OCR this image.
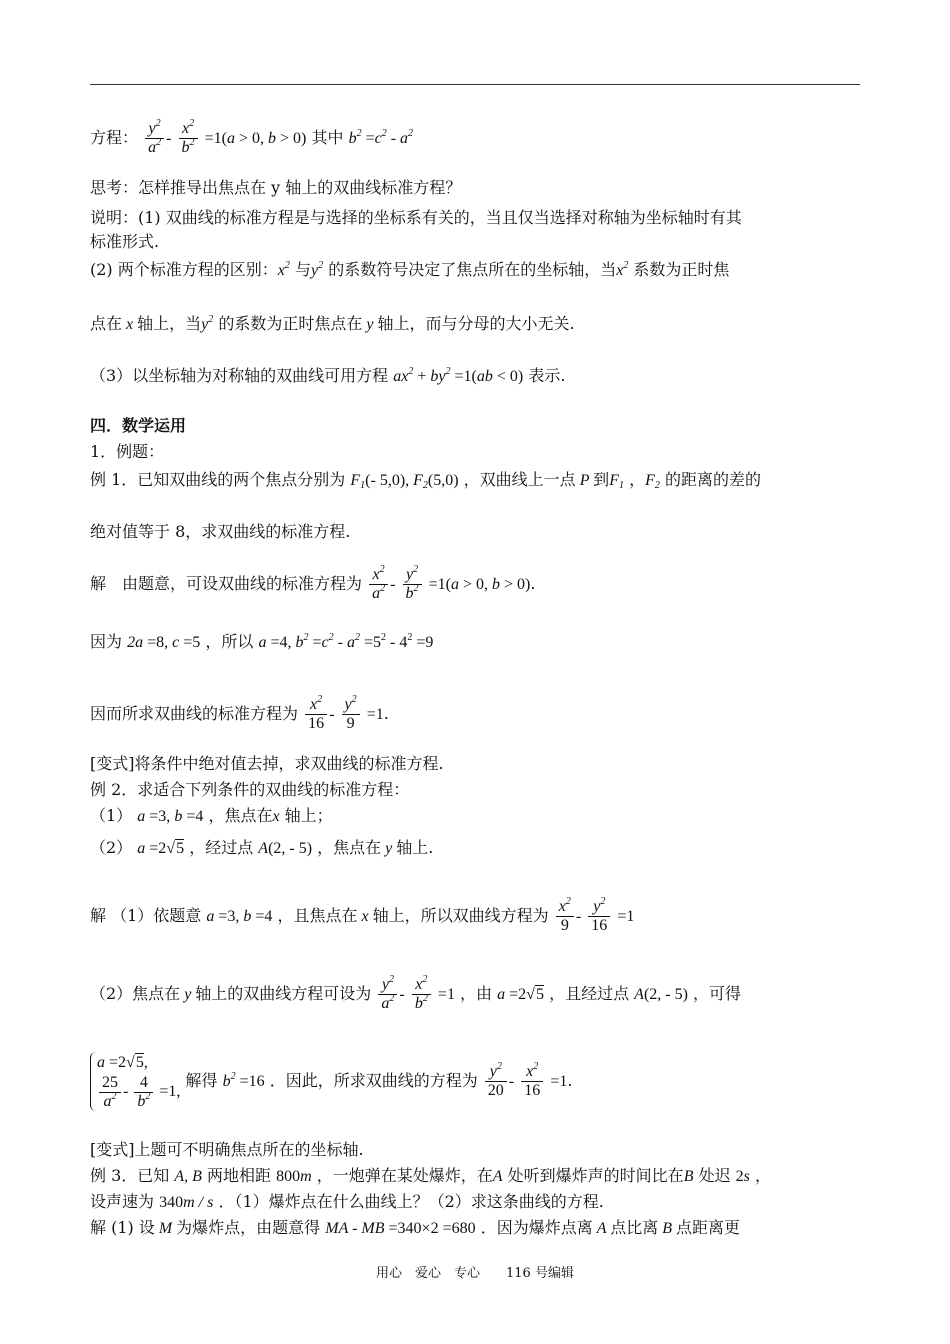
方程： $\frac{y^2}{a^2} - \frac{x^2}{b^2} =1(a > 0$, b > 0) 其中 $b^2 =c^2 - a^2$
思考：怎样推导出焦点在 y 轴上的双曲线标准方程？
说明：(1) 双曲线的标准方程是与选择的坐标系有关的，当且仅当选择对称轴为坐标轴时有其
标准形式.
(2) 两个标准方程的区别：$x^2$ 与$y^2$ 的系数符号决定了焦点所在的坐标轴，当$x^2$ 系数为正时焦
点在 x 轴上，当$y^2$ 的系数为正时焦点在 y 轴上，而与分母的大小无关.
（3）以坐标轴为对称轴的双曲线可用方程 $ax^2 + by^2 =1(ab < 0)$ 表示.
四．数学运用
1．例题：
例 1．已知双曲线的两个焦点分别为 $F_1(-$ 5,0), $F_2(5,0)$ ，双曲线上一点 P 到$F_1$ ，$F_2$ 的距离的差的
绝对值等于 8，求双曲线的标准方程.
解　由题意，可设双曲线的标准方程为 $\frac{x^2}{a^2} - \frac{y^2}{b^2} =1(a > 0$, b > 0).
因为 2a =8, c =5 ，所以 a =4, $b^2 =c^2 - a^2 =5^2 - 4^2 =9$
因而所求双曲线的标准方程为 $\frac{x^2}{16} - \frac{y^2}{9} =1$.
[变式]将条件中绝对值去掉，求双曲线的标准方程.
例 2．求适合下列条件的双曲线的标准方程：
（1） a =3, b =4 ，焦点在x 轴上；
（2） a =2√5 ，经过点 A(2, - 5) ，焦点在 y 轴上.
解 （1）依题意 a =3, b =4 ，且焦点在 x 轴上，所以双曲线方程为 $\frac{x^2}{9} - \frac{y^2}{16} =1$
（2）焦点在 y 轴上的双曲线方程可设为 $\frac{y^2}{a^2} - \frac{x^2}{b^2} =1$ ，由 a =2√5 ，且经过点 A(2, - 5) ，可得
a =2√5,
$\frac{25}{a^2} - \frac{4}{b^2} =1$,
解得 $b^2 =16$ ．因此，所求双曲线的方程为 $\frac{y^2}{20} - \frac{x^2}{16} =1$.
[变式]上题可不明确焦点所在的坐标轴.
例 3．已知 A, B 两地相距 800m ，一炮弹在某处爆炸，在A 处听到爆炸声的时间比在B 处迟 2s ，
设声速为 340m / s ．（1）爆炸点在什么曲线上？（2）求这条曲线的方程.
解 (1) 设 M 为爆炸点，由题意得 MA - MB =340×2 =680 ．因为爆炸点离 A 点比离 B 点距离更
用心　爱心　专心　　116 号编辑
